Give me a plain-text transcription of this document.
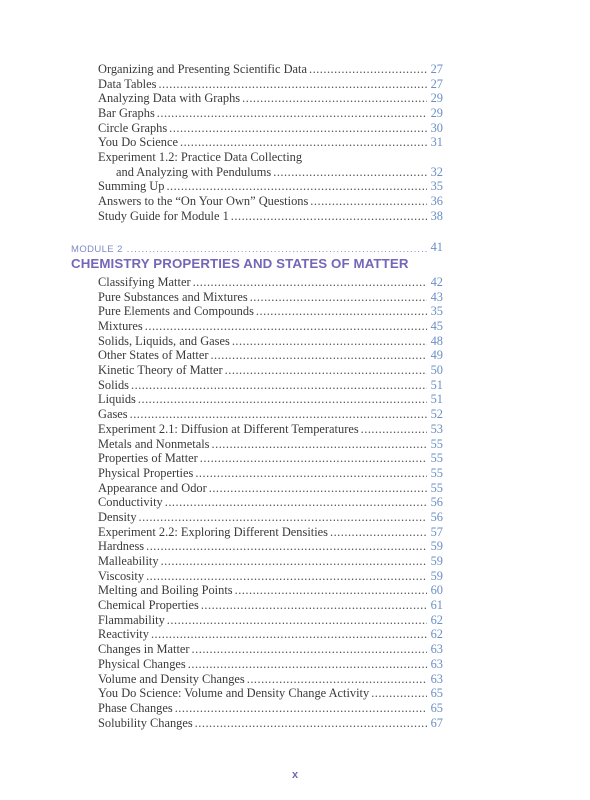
Organizing and Presenting Scientific Data . . .	27
Data Tables . . .	27
Analyzing Data with Graphs . . .	29
Bar Graphs . . .	29
Circle Graphs . . .	30
You Do Science . . .	31
Experiment 1.2: Practice Data Collecting
and Analyzing with Pendulums . . .	32
Summing Up . . .	35
Answers to the “On Your Own” Questions . . .	36
Study Guide for Module 1 . . .	38
MODULE 2 . . .	41
CHEMISTRY PROPERTIES AND STATES OF MATTER
Classifying Matter . . .	42
Pure Substances and Mixtures . . .	43
Pure Elements and Compounds . . .	35
Mixtures . . .	45
Solids, Liquids, and Gases . . .	48
Other States of Matter . . .	49
Kinetic Theory of Matter . . .	50
Solids . . .	51
Liquids . . .	51
Gases . . .	52
Experiment 2.1: Diffusion at Different Temperatures . . .	53
Metals and Nonmetals . . .	55
Properties of Matter . . .	55
Physical Properties . . .	55
Appearance and Odor . . .	55
Conductivity . . .	56
Density . . .	56
Experiment 2.2: Exploring Different Densities . . .	57
Hardness . . .	59
Malleability . . .	59
Viscosity . . .	59
Melting and Boiling Points . . .	60
Chemical Properties . . .	61
Flammability . . .	62
Reactivity . . .	62
Changes in Matter . . .	63
Physical Changes . . .	63
Volume and Density Changes . . .	63
You Do Science: Volume and Density Change Activity . . .	65
Phase Changes . . .	65
Solubility Changes . . .	67
x
